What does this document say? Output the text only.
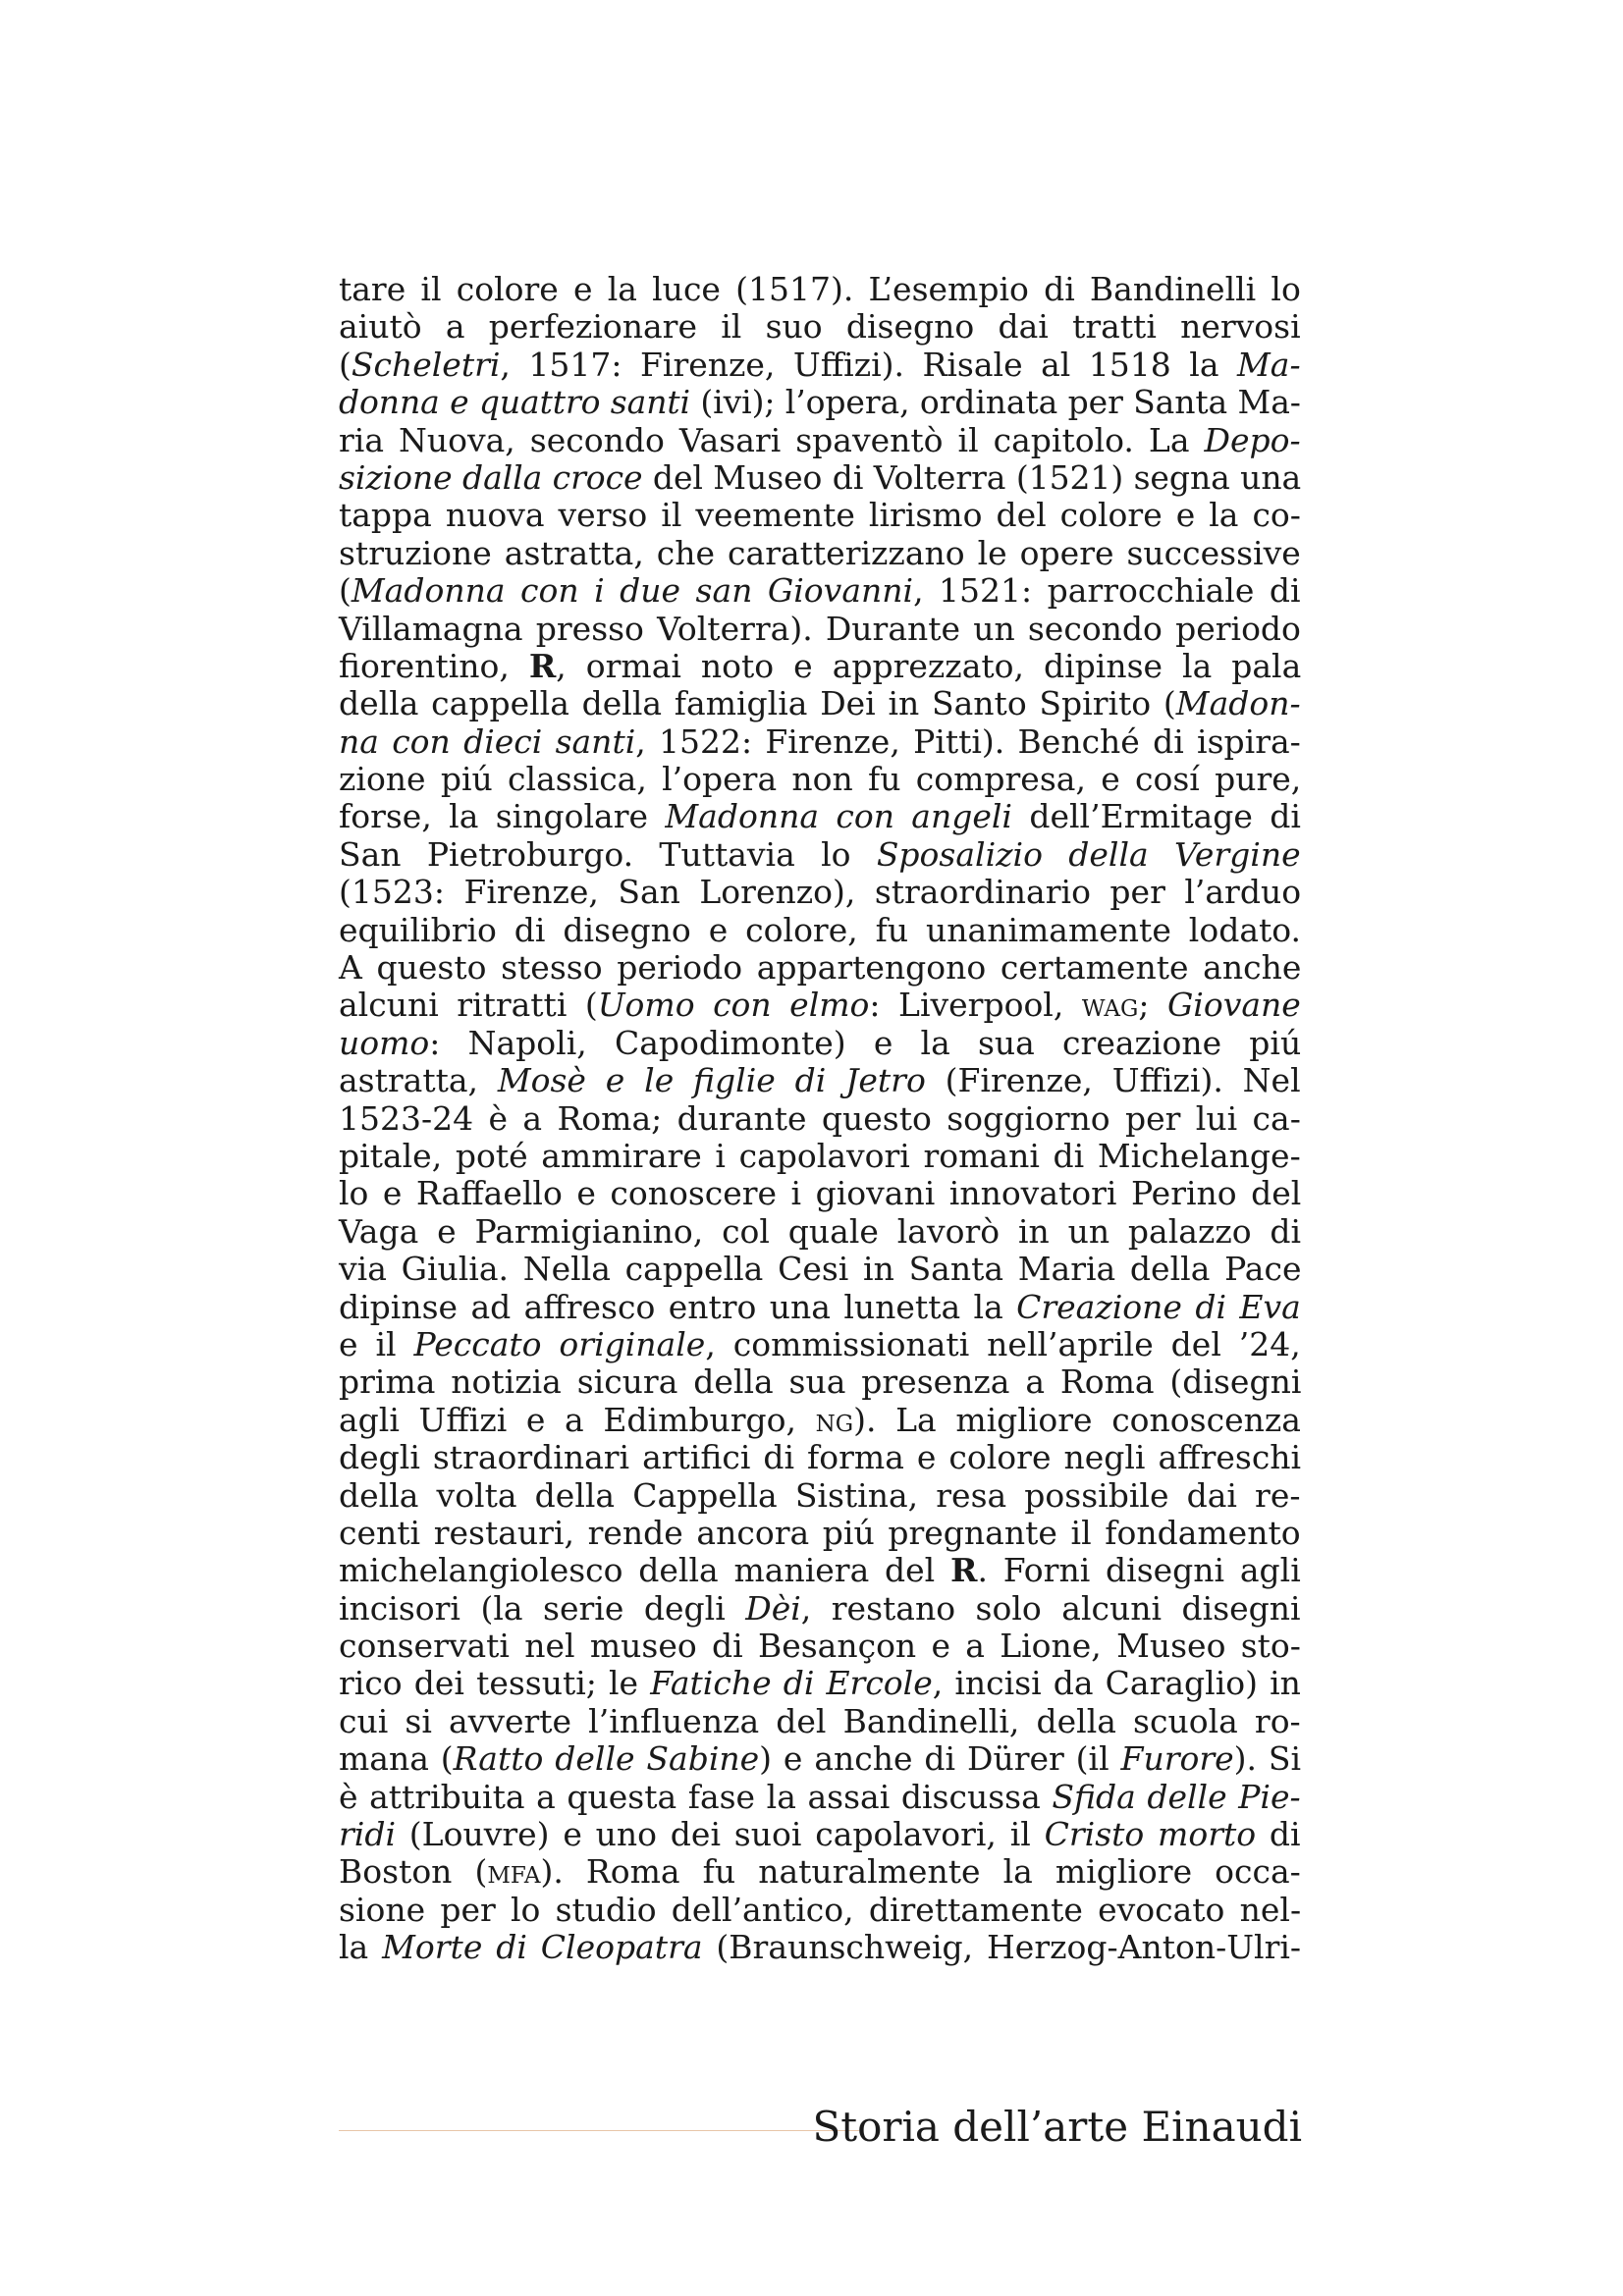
tare il colore e la luce (1517). L’esempio di Bandinelli lo
aiutò a perfezionare il suo disegno dai tratti nervosi
(Scheletri, 1517: Firenze, Uffizi). Risale al 1518 la Ma-
donna e quattro santi (ivi); l’opera, ordinata per Santa Ma-
ria Nuova, secondo Vasari spaventò il capitolo. La Depo-
sizione dalla croce del Museo di Volterra (1521) segna una
tappa nuova verso il veemente lirismo del colore e la co-
struzione astratta, che caratterizzano le opere successive
(Madonna con i due san Giovanni, 1521: parrocchiale di
Villamagna presso Volterra). Durante un secondo periodo
fiorentino, R, ormai noto e apprezzato, dipinse la pala
della cappella della famiglia Dei in Santo Spirito (Madon-
na con dieci santi, 1522: Firenze, Pitti). Benché di ispira-
zione piú classica, l’opera non fu compresa, e cosí pure,
forse, la singolare Madonna con angeli dell’Ermitage di
San Pietroburgo. Tuttavia lo Sposalizio della Vergine
(1523: Firenze, San Lorenzo), straordinario per l’arduo
equilibrio di disegno e colore, fu unanimamente lodato.
A questo stesso periodo appartengono certamente anche
alcuni ritratti (Uomo con elmo: Liverpool, wag; Giovane
uomo: Napoli, Capodimonte) e la sua creazione piú
astratta, Mosè e le figlie di Jetro (Firenze, Uffizi). Nel
1523-24 è a Roma; durante questo soggiorno per lui ca-
pitale, poté ammirare i capolavori romani di Michelange-
lo e Raffaello e conoscere i giovani innovatori Perino del
Vaga e Parmigianino, col quale lavorò in un palazzo di
via Giulia. Nella cappella Cesi in Santa Maria della Pace
dipinse ad affresco entro una lunetta la Creazione di Eva
e il Peccato originale, commissionati nell’aprile del ’24,
prima notizia sicura della sua presenza a Roma (disegni
agli Uffizi e a Edimburgo, ng). La migliore conoscenza
degli straordinari artifici di forma e colore negli affreschi
della volta della Cappella Sistina, resa possibile dai re-
centi restauri, rende ancora piú pregnante il fondamento
michelangiolesco della maniera del R. Forni disegni agli
incisori (la serie degli Dèi, restano solo alcuni disegni
conservati nel museo di Besançon e a Lione, Museo sto-
rico dei tessuti; le Fatiche di Ercole, incisi da Caraglio) in
cui si avverte l’influenza del Bandinelli, della scuola ro-
mana (Ratto delle Sabine) e anche di Dürer (il Furore). Si
è attribuita a questa fase la assai discussa Sfida delle Pie-
ridi (Louvre) e uno dei suoi capolavori, il Cristo morto di
Boston (mfa). Roma fu naturalmente la migliore occa-
sione per lo studio dell’antico, direttamente evocato nel-
la Morte di Cleopatra (Braunschweig, Herzog-Anton-Ulri-
Storia dell’arte Einaudi
